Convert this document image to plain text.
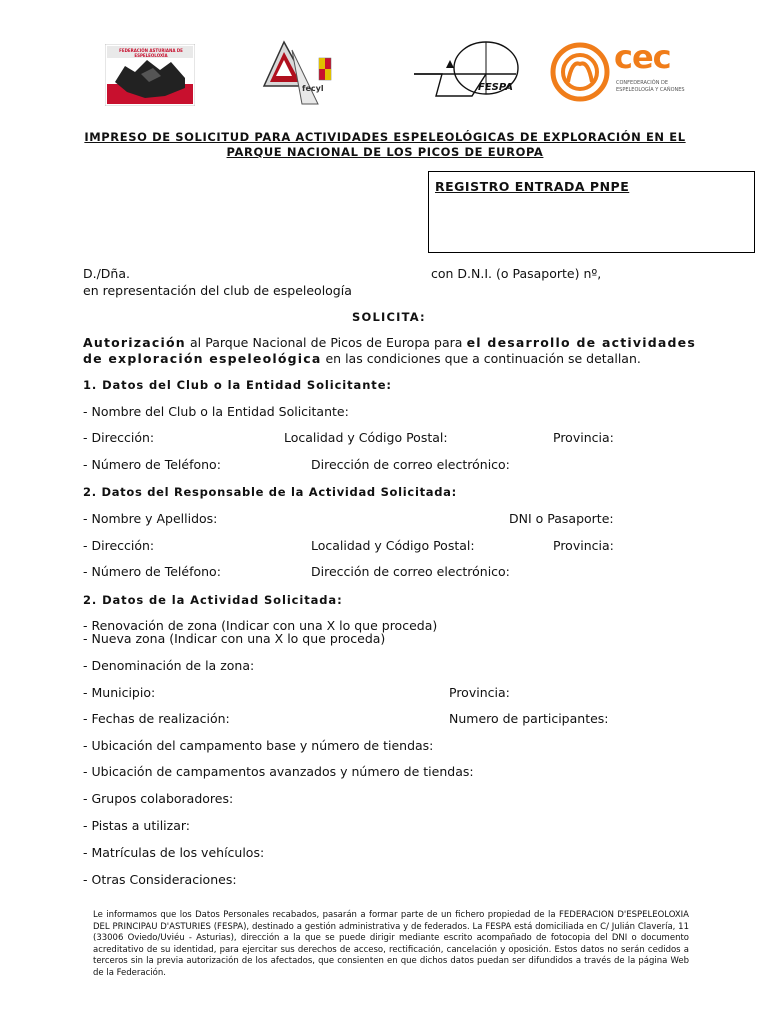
FEDERACIÓN ASTURIANA DE ESPELEOLOXÍA
fecyl	FESPA
cec
CONFEDERACIÓN DE
ESPELEOLOGÍA Y CAÑONES
IMPRESO DE SOLICITUD PARA ACTIVIDADES ESPELEOLÓGICAS DE EXPLORACIÓN EN EL
PARQUE NACIONAL DE LOS PICOS DE EUROPA
REGISTRO ENTRADA PNPE
D./Dña.	con D.N.I. (o Pasaporte) nº,
en representación del club de espeleología
SOLICITA:
Autorización al Parque Nacional de Picos de Europa para el desarrollo de actividades de exploración espeleológica en las condiciones que a continuación se detallan.
1. Datos del Club o la Entidad Solicitante:
- Nombre del Club o la Entidad Solicitante:
- Dirección:	Localidad y Código Postal:	Provincia:
- Número de Teléfono:	Dirección de correo electrónico:
2. Datos del Responsable de la Actividad Solicitada:
- Nombre y Apellidos:	DNI o Pasaporte:
- Dirección:	Localidad y Código Postal:	Provincia:
- Número de Teléfono:	Dirección de correo electrónico:
2. Datos de la Actividad Solicitada:
- Renovación de zona (Indicar con una X lo que proceda)
- Nueva zona (Indicar con una X lo que proceda)
- Denominación de la zona:
- Municipio:	Provincia:
- Fechas de realización:	Numero de participantes:
- Ubicación del campamento base y número de tiendas:
- Ubicación de campamentos avanzados y número de tiendas:
- Grupos colaboradores:
- Pistas a utilizar:
- Matrículas de los vehículos:
- Otras Consideraciones:
Le informamos que los Datos Personales recabados, pasarán a formar parte de un fichero propiedad de la FEDERACION D'ESPELEOLOXIA DEL PRINCIPAU D'ASTURIES (FESPA), destinado a gestión administrativa y de federados. La FESPA está domiciliada en C/ Julián Clavería, 11 (33006 Oviedo/Uviéu - Asturias), dirección a la que se puede dirigir mediante escrito acompañado de fotocopia del DNI o documento acreditativo de su identidad, para ejercitar sus derechos de acceso, rectificación, cancelación y oposición. Estos datos no serán cedidos a terceros sin la previa autorización de los afectados, que consienten en que dichos datos puedan ser difundidos a través de la página Web de la Federación.
